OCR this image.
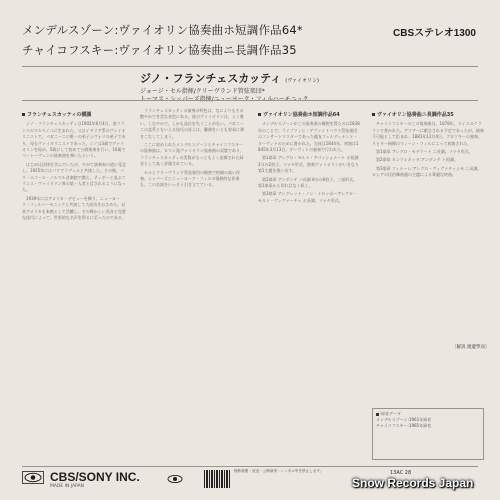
メンデルスゾーン:ヴァイオリン協奏曲ホ短調作品64*
チャイコフスキー:ヴァイオリン協奏曲ニ長調作品35
CBSステレオ1300
ジノ・フランチェスカッティ (ヴァイオリン)
ジョージ・セル指揮/クリーヴランド管弦楽団*
フランチェスカッティの横顔

ジノ・フランチェスカッティは1902年8月4日、南フランスのマルセイユに生まれた。父はイタリア系のヴァイオリニストで、パガニーニの唯一の弟子シヴォリの弟子であり、母もヴァイオリニストであった。ジノは3歳でヴァイオリンを始め、5歳にして初めて公開演奏を行い、10歳でベートーヴェンの協奏曲を弾いたという。

はじめは法律を学んでいたが、やがて演奏家の道に専念し、1925年にはパリでラヴェルと共演した。その後、パリ・エコール・ノルマル音楽院で教え、ティボーと並ぶフランス・ヴァイオリン界の第一人者と目されるようになった。

1939年にはアメリカ・デビューを飾り、ニューヨーク・フィルハーモニックと共演して大成功をおさめた。以来アメリカを本拠として活躍し、その輝かしい美音と完璧な技巧によって、世界的な名声を得るに至ったのである。

フランチェスカッティの演奏の特色は、なによりもその艶やかで甘美な音色にある。彼のヴァイオリンは、よく歌い、しなやかで、しかも品位を失うことがない。パガニーニの直系ともいえる技巧の冴えは、難曲をいとも容易に弾きこなしてしまう。

ここに収められたメンデルスゾーンとチャイコフスキーの協奏曲は、ロマン派ヴァイオリン協奏曲の双璧であり、フランチェスカッティの美質がもっともよく発揮された録音として高く評価されている。

セルとクリーヴランド管弦楽団の緻密で格調の高い伴奏、シッパーズとニューヨーク・フィルの情熱的な伴奏も、この名演をいっそう引き立てている。

ヴァイオリン協奏曲ホ短調作品64

メンデルスゾーンがこの協奏曲の構想を得たのは1838年のことで、ライプツィヒ・ゲヴァントハウス管弦楽団のコンサートマスターであった親友フェルディナント・ダーヴィトのために書かれた。完成は1844年、初演は1845年3月13日、ダーヴィトの独奏で行われた。

第1楽章 アレグロ・モルト・アパッショナート ホ短調 2分の2拍子。ソナタ形式。独奏ヴァイオリンがいきなり第1主題を歌い出す。

第2楽章 アンダンテ ハ長調 8分の6拍子。三部形式。第1楽章から切れ目なく続く。

第3楽章 アレグレット・ノン・トロッポ〜アレグロ・モルト・ヴィヴァーチェ ホ長調。ソナタ形式。

ヴァイオリン協奏曲ニ長調作品35

チャイコフスキーのこの協奏曲は、1878年、スイスのクラランで書かれた。アウアーに献呈される予定であったが、演奏不可能として拒まれ、1881年12月4日、ブロツキーの独奏、リヒター指揮のウィーン・フィルによって初演された。

第1楽章 アレグロ・モデラート ニ長調。ソナタ形式。

第2楽章 カンツォネッタ:アンダンテ ト短調。

第3楽章 フィナーレ:アレグロ・ヴィヴァチッシモ ニ長調。ロシアの民俗舞曲風の主題による華麗な終曲。

〔解説 渡邊學而〕
録音データ
メンデルスゾーン:1961年録音
チャイコフスキー:1965年録音
CBS/SONY INC.
MADE IN JAPAN
無断複製・放送・公開演奏・レンタル等を禁止します。	13AC 28
Snow Records Japan
